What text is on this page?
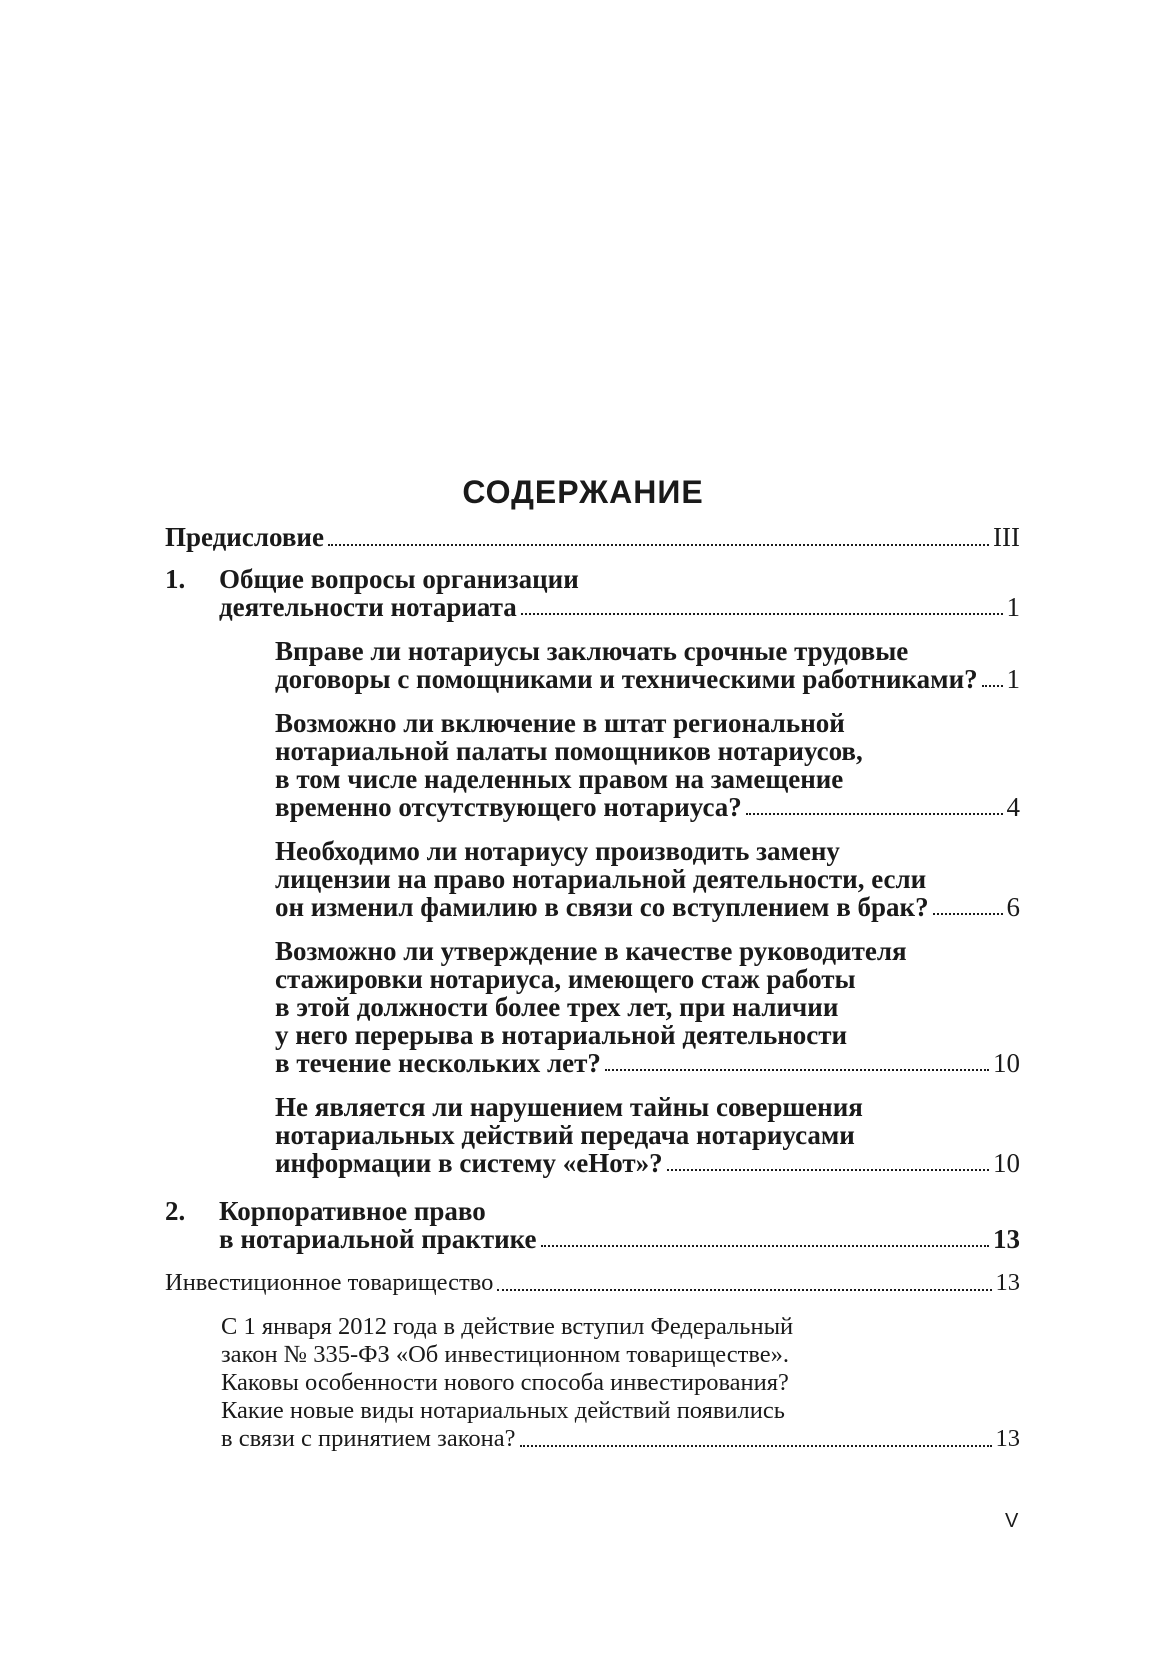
СОДЕРЖАНИЕ
Предисловие	III
1.	Общие вопросы организации
деятельности нотариата	1
Вправе ли нотариусы заключать срочные трудовые
договоры с помощниками и техническими работниками? 1
Возможно ли включение в штат региональной
нотариальной палаты помощников нотариусов,
в том числе наделенных правом на замещение
временно отсутствующего нотариуса?	4
Необходимо ли нотариусу производить замену
лицензии на право нотариальной деятельности, если
он изменил фамилию в связи со вступлением в брак?	6
Возможно ли утверждение в качестве руководителя
стажировки нотариуса, имеющего стаж работы
в этой должности более трех лет, при наличии
у него перерыва в нотариальной деятельности
в течение нескольких лет?	10
Не является ли нарушением тайны совершения
нотариальных действий передача нотариусами
информации в систему «еНот»?	10
2.	Корпоративное право
в нотариальной практике	13
Инвестиционное товарищество	13
С 1 января 2012 года в действие вступил Федеральный
закон № 335-ФЗ «Об инвестиционном товариществе».
Каковы особенности нового способа инвестирования?
Какие новые виды нотариальных действий появились
в связи с принятием закона?	13
V
